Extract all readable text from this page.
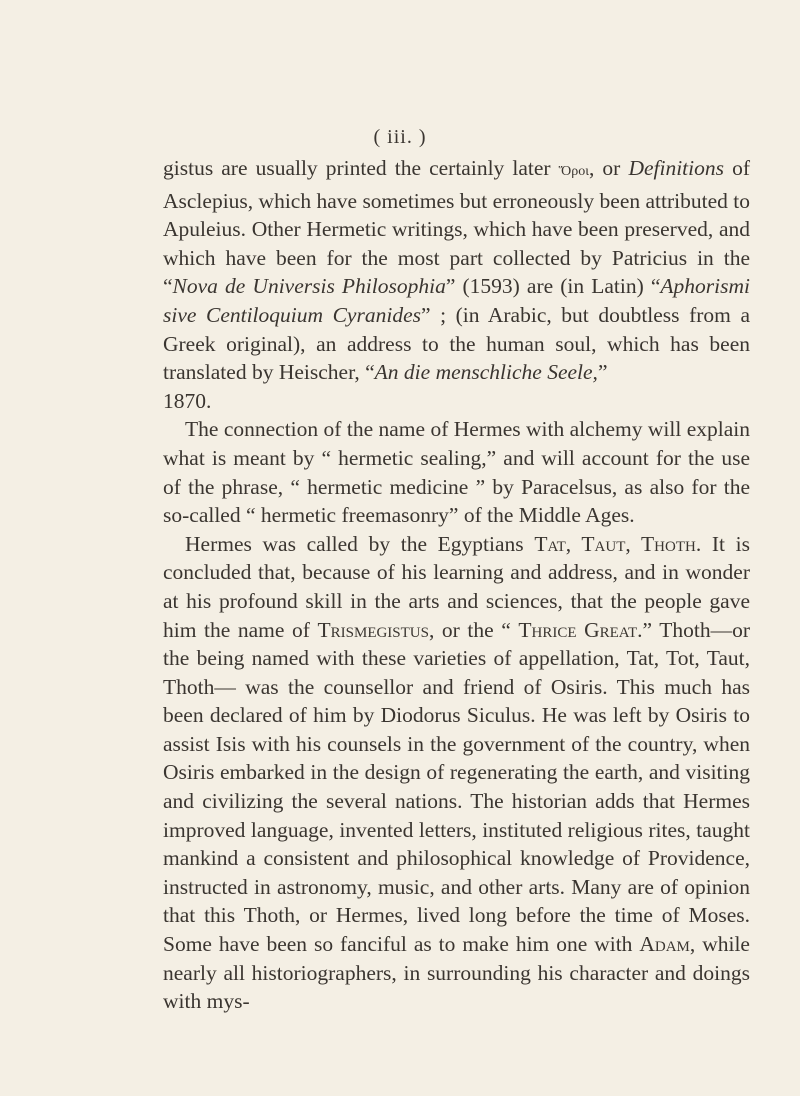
( iii. )

gistus are usually printed the certainly later Ὅροι, or Definitions of Asclepius, which have sometimes but erroneously been attributed to Apuleius. Other Hermetic writings, which have been preserved, and which have been for the most part collected by Patricius in the “Nova de Universis Philosophia” (1593) are (in Latin) “Aphorismi sive Centiloquium Cyranides” ; (in Arabic, but doubtless from a Greek original), an address to the human soul, which has been translated by Heischer, “An die menschliche Seele,”
1870.

The connection of the name of Hermes with alchemy will explain what is meant by “ hermetic sealing,” and will account for the use of the phrase, “ hermetic medicine ” by Paracelsus, as also for the so-called “ hermetic freemasonry” of the Middle Ages.

Hermes was called by the Egyptians Tat, Taut, Thoth. It is concluded that, because of his learning and address, and in wonder at his profound skill in the arts and sciences, that the people gave him the name of Trismegistus, or the “ Thrice Great.” Thoth—or the being named with these varieties of appellation, Tat, Tot, Taut, Thoth— was the counsellor and friend of Osiris. This much has been declared of him by Diodorus Siculus. He was left by Osiris to assist Isis with his counsels in the government of the country, when Osiris embarked in the design of regenerating the earth, and visiting and civilizing the several nations. The historian adds that Hermes improved language, invented letters, instituted religious rites, taught mankind a consistent and philosophical knowledge of Providence, instructed in astronomy, music, and other arts. Many are of opinion that this Thoth, or Hermes, lived long before the time of Moses. Some have been so fanciful as to make him one with Adam, while nearly all historiographers, in surrounding his character and doings with mys-
